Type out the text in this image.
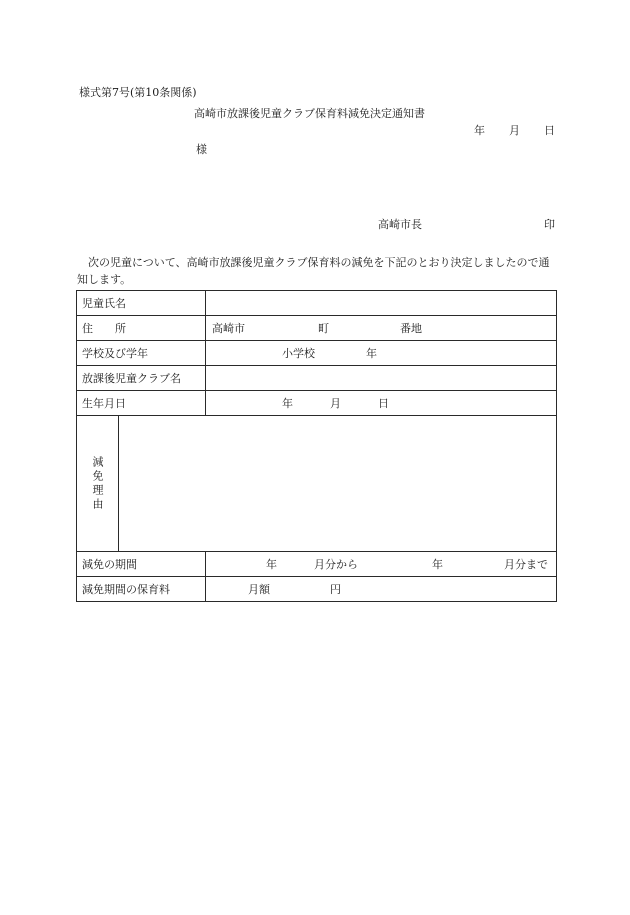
様式第7号(第10条関係)
高崎市放課後児童クラブ保育料減免決定通知書
年 月 日
様
高崎市長	印
　次の児童について、高崎市放課後児童クラブ保育料の減免を下記のとおり決定しましたので通知します。
児童氏名	
住　　所	高崎市 町 番地

学校及び学年	小学校 年

放課後児童クラブ名	
生年月日	年 月 日

減免理由	

減免の期間	年 月分から 年 月分まで

減免期間の保育料	月額 円
